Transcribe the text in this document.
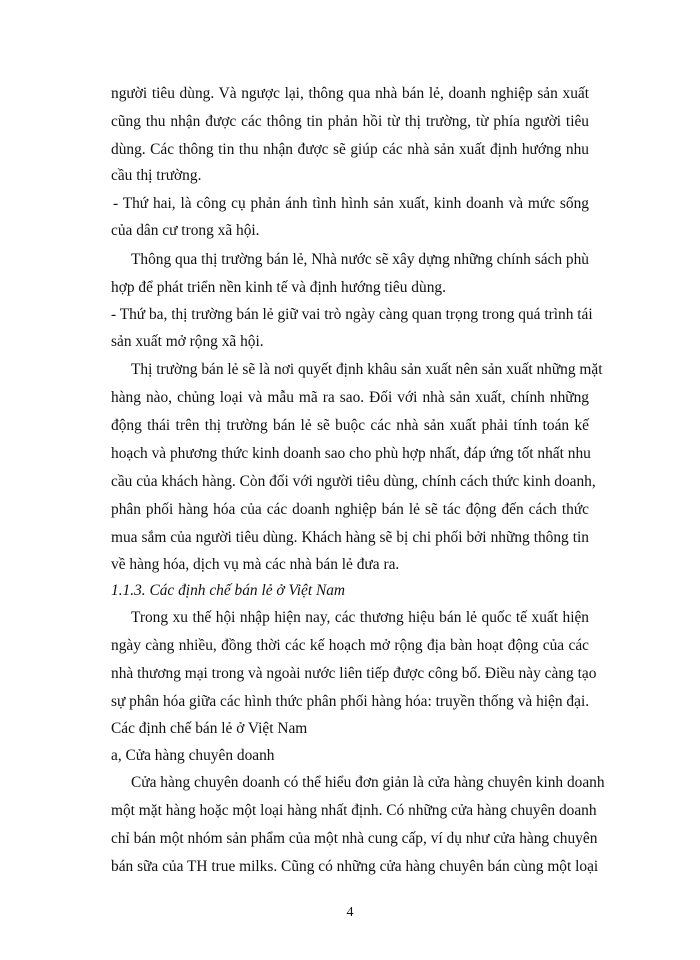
người tiêu dùng. Và ngược lại, thông qua nhà bán lẻ, doanh nghiệp sản xuất
cũng thu nhận được các thông tin phản hồi từ thị trường, từ phía người tiêu
dùng. Các thông tin thu nhận được sẽ giúp các nhà sản xuất định hướng nhu
cầu thị trường.
- Thứ hai, là công cụ phản ánh tình hình sản xuất, kinh doanh và mức sống
của dân cư trong xã hội.
Thông qua thị trường bán lẻ, Nhà nước sẽ xây dựng những chính sách phù
hợp để phát triển nền kinh tế và định hướng tiêu dùng.
- Thứ ba, thị trường bán lẻ giữ vai trò ngày càng quan trọng trong quá trình tái
sản xuất mở rộng xã hội.
Thị trường bán lẻ sẽ là nơi quyết định khâu sản xuất nên sản xuất những mặt
hàng nào, chủng loại và mẫu mã ra sao. Đối với nhà sản xuất, chính những
động thái trên thị trường bán lẻ sẽ buộc các nhà sản xuất phải tính toán kế
hoạch và phương thức kinh doanh sao cho phù hợp nhất, đáp ứng tốt nhất nhu
cầu của khách hàng. Còn đối với người tiêu dùng, chính cách thức kinh doanh,
phân phối hàng hóa của các doanh nghiệp bán lẻ sẽ tác động đến cách thức
mua sắm của người tiêu dùng. Khách hàng sẽ bị chi phối bởi những thông tin
về hàng hóa, dịch vụ mà các nhà bán lẻ đưa ra.
1.1.3. Các định chế bán lẻ ở Việt Nam
Trong xu thế hội nhập hiện nay, các thương hiệu bán lẻ quốc tế xuất hiện
ngày càng nhiều, đồng thời các kế hoạch mở rộng địa bàn hoạt động của các
nhà thương mại trong và ngoài nước liên tiếp được công bố. Điều này càng tạo
sự phân hóa giữa các hình thức phân phối hàng hóa: truyền thống và hiện đại.
Các định chế bán lẻ ở Việt Nam
a, Cửa hàng chuyên doanh
Cửa hàng chuyên doanh có thể hiểu đơn giản là cửa hàng chuyên kinh doanh
một mặt hàng hoặc một loại hàng nhất định. Có những cửa hàng chuyên doanh
chỉ bán một nhóm sản phẩm của một nhà cung cấp, ví dụ như cửa hàng chuyên
bán sữa của TH true milks. Cũng có những cửa hàng chuyên bán cùng một loại
4
